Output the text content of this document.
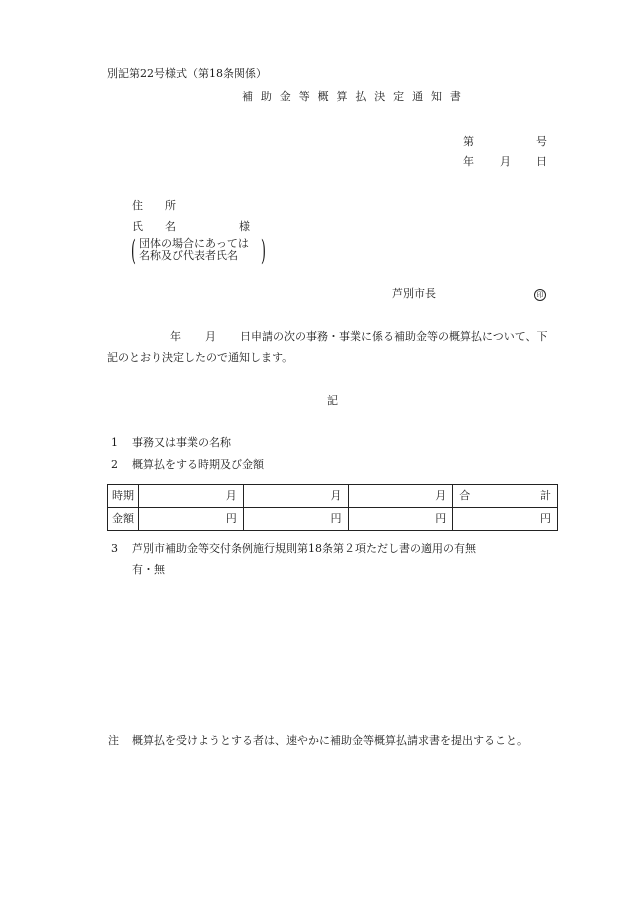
別記第22号様式（第18条関係）
補 助 金 等 概 算 払 決 定 通 知 書
第	号
年 月 日
住　　所
氏　　名	様
( 団体の場合にあっては
名称及び代表者氏名 )
芦別市長	印
年 月 日申請の次の事務・事業に係る補助金等の概算払について、下
記のとおり決定したので通知します。
記
1 事務又は事業の名称
2 概算払をする時期及び金額
時期	月	月	月	合 計

金額	円	円	円	円
3 芦別市補助金等交付条例施行規則第18条第２項ただし書の適用の有無
有・無
注 概算払を受けようとする者は、速やかに補助金等概算払請求書を提出すること。
